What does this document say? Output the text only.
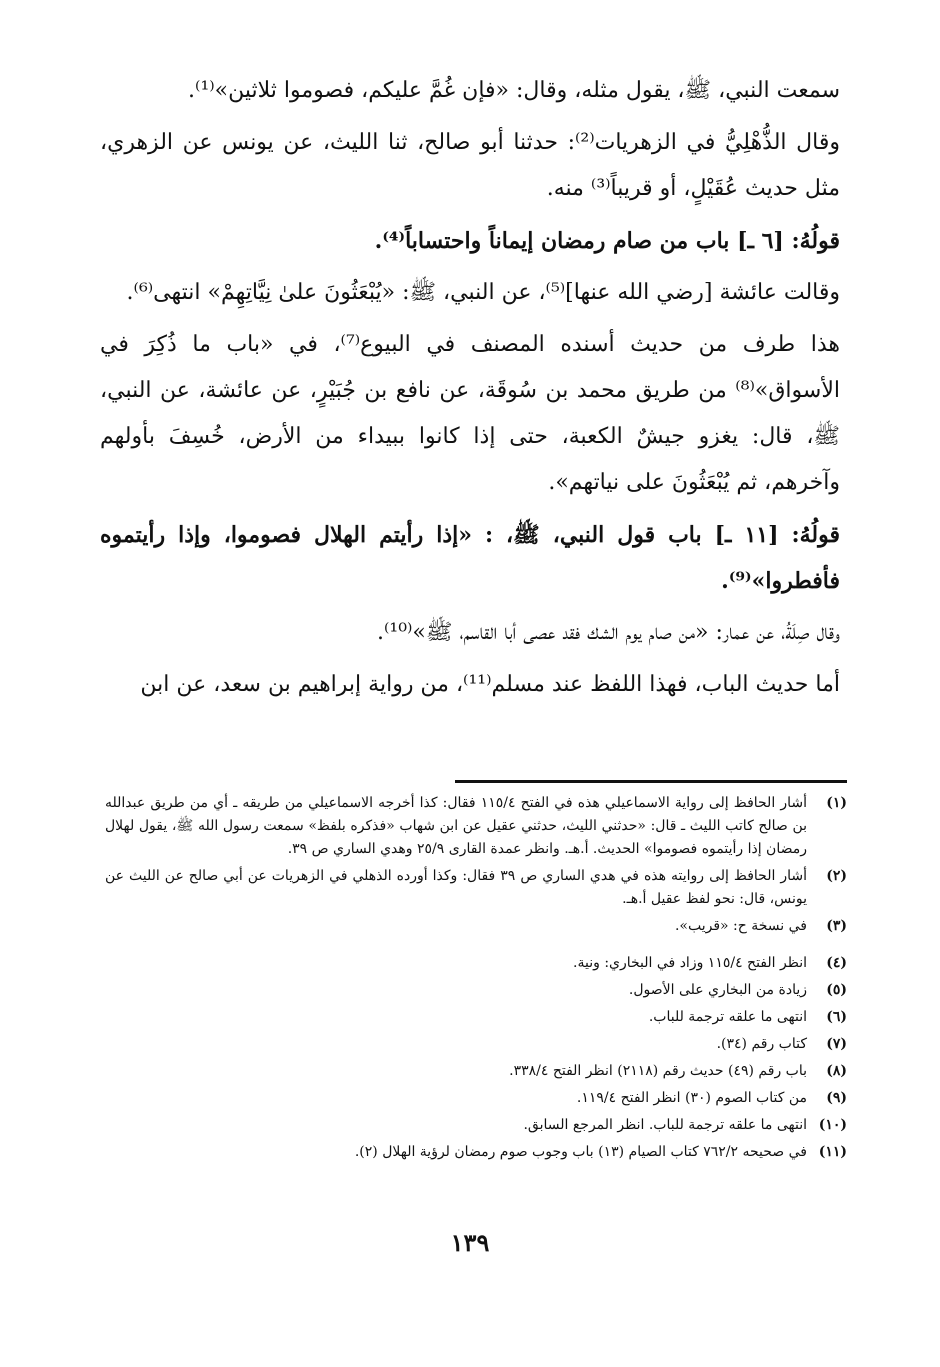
سمعت النبي، ﷺ، يقول مثله، وقال: «فإن غُمَّ عليكم، فصوموا ثلاثين»⁽¹⁾.

وقال الذُّهْلِيُّ في الزهريات⁽²⁾: حدثنا أبو صالح، ثنا الليث، عن يونس عن الزهري، مثل حديث عُقَيْلٍ، أو قريباً⁽³⁾ منه.

قولُهُ: [٦ ـ] باب من صام رمضان إيماناً واحتساباً⁽⁴⁾.

وقالت عائشة [رضي الله عنها]⁽⁵⁾، عن النبي، ﷺ: «يُبْعَثُونَ علىٰ نِيَّاتِهِمْ» انتهى⁽⁶⁾.

هذا طرف من حديث أسنده المصنف في البيوع⁽⁷⁾، في «باب ما ذُكِرَ في الأسواق»⁽⁸⁾ من طريق محمد بن سُوقَة، عن نافع بن جُبَيْرٍ، عن عائشة، عن النبي، ﷺ، قال: يغزو جيشٌ الكعبة، حتى إذا كانوا ببيداء من الأرض، خُسِفَ بأولهم وآخرهم، ثم يُبْعَثُونَ على نياتهم».

قولُهُ: [١١ ـ] باب قول النبي، ﷺ، : «إذا رأيتم الهلال فصوموا، وإذا رأيتموه فأفطروا»⁽⁹⁾.

وقال صِلَةُ، عن عمار: «من صام يوم الشك فقد عصى أبا القاسم، ﷺ»⁽¹⁰⁾.

أما حديث الباب، فهذا اللفظ عند مسلم⁽¹¹⁾، من رواية إبراهيم بن سعد، عن ابن

(١)
أشار الحافظ إلى رواية الاسماعيلي هذه في الفتح ١١٥/٤ فقال: كذا أخرجه الاسماعيلي من طريقه ـ أي من طريق عبدالله بن صالح كاتب الليث ـ قال: «حدثني الليث، حدثني عقيل عن ابن شهاب «فذكره بلفظ» سمعت رسول الله ﷺ، يقول لهلال رمضان إذا رأيتموه فصوموا» الحديث. أ.هـ. وانظر عمدة القارى ٢٥/٩ وهدي الساري ص ٣٩.
(٢)
أشار الحافظ إلى روايته هذه في هدي الساري ص ٣٩ فقال: وكذا أورده الذهلي في الزهريات عن أبي صالح عن الليث عن يونس، قال: نحو لفظ عقيل أ.هـ.
(٣)
في نسخة ح: «قريب».
(٤)
انظر الفتح ١١٥/٤ وزاد في البخاري: ونية.
(٥)
زيادة من البخاري على الأصول.
(٦)
انتهى ما علقه ترجمة للباب.
(٧)
كتاب رقم (٣٤).
(٨)
باب رقم (٤٩) حديث رقم (٢١١٨) انظر الفتح ٣٣٨/٤.
(٩)
من كتاب الصوم (٣٠) انظر الفتح ١١٩/٤.
(١٠)
انتهى ما علقه ترجمة للباب. انظر المرجع السابق.
(١١)
في صحيحه ٧٦٢/٢ كتاب الصيام (١٣) باب وجوب صوم رمضان لرؤية الهلال (٢).
١٣٩
